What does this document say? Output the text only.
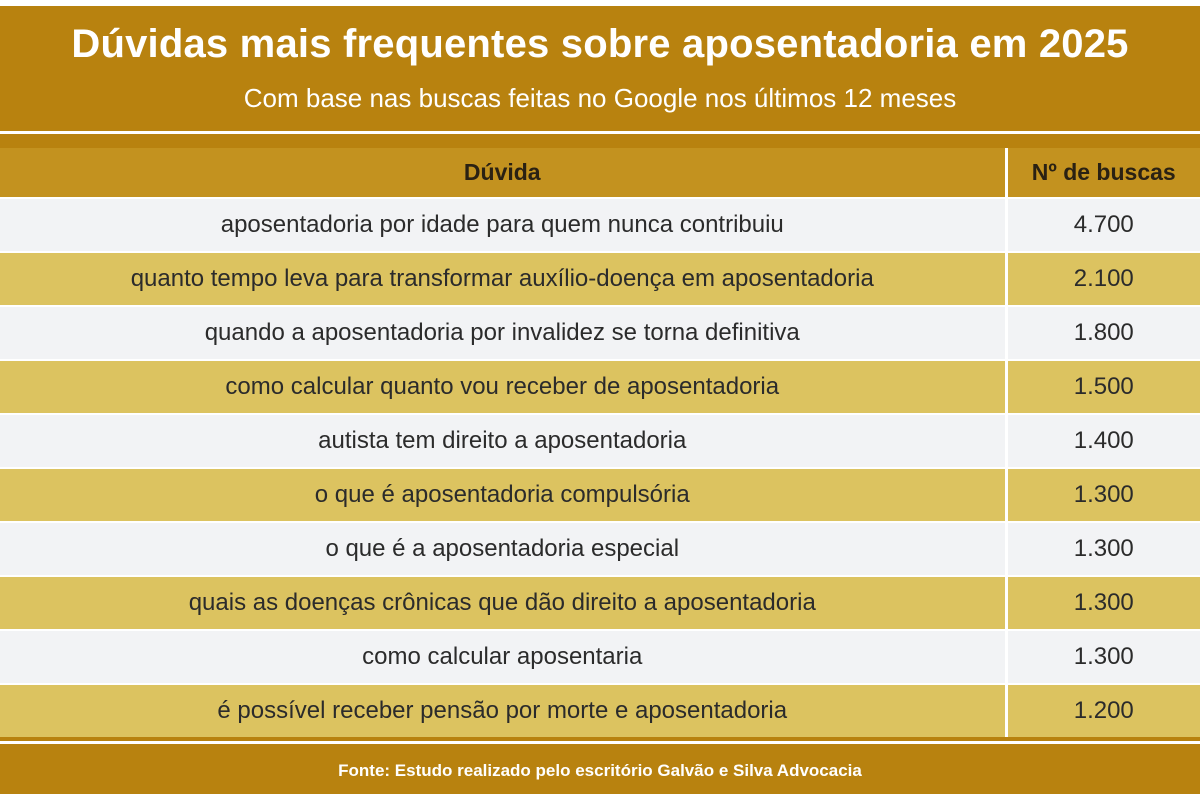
Dúvidas mais frequentes sobre aposentadoria em 2025
Com base nas buscas feitas no Google nos últimos 12 meses
Dúvida	Nº de buscas
aposentadoria por idade para quem nunca contribuiu	4.700
quanto tempo leva para transformar auxílio-doença em aposentadoria	2.100
quando a aposentadoria por invalidez se torna definitiva	1.800
como calcular quanto vou receber de aposentadoria	1.500
autista tem direito a aposentadoria	1.400
o que é aposentadoria compulsória	1.300
o que é a aposentadoria especial	1.300
quais as doenças crônicas que dão direito a aposentadoria	1.300
como calcular aposentaria	1.300
é possível receber pensão por morte e aposentadoria	1.200
Fonte: Estudo realizado pelo escritório Galvão e Silva Advocacia
